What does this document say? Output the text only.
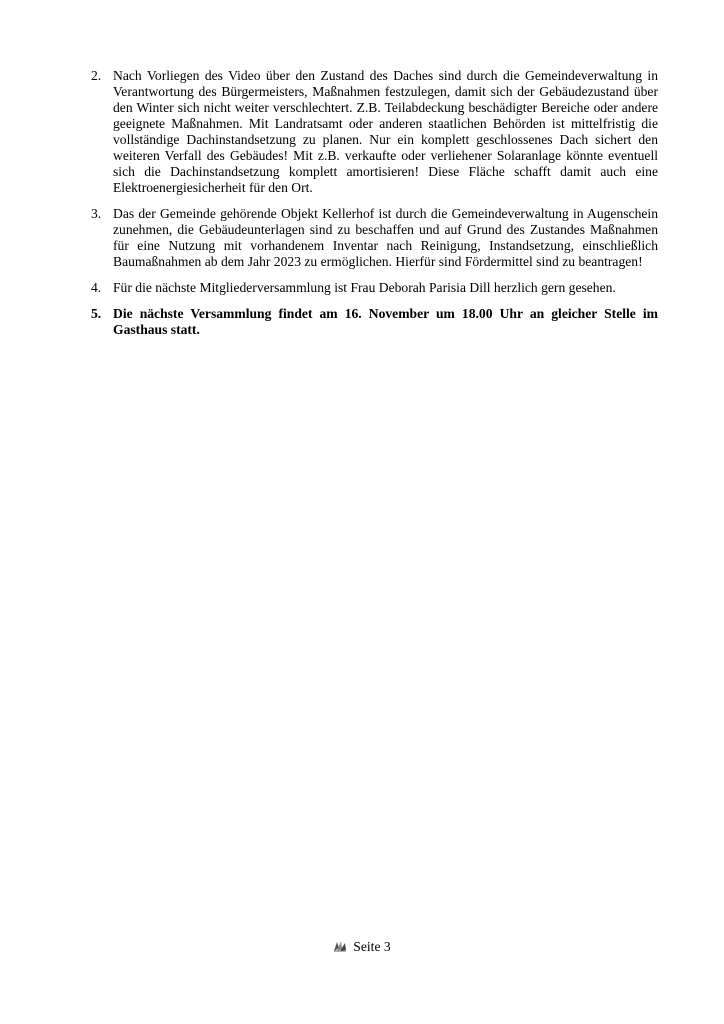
2. Nach Vorliegen des Video über den Zustand des Daches sind durch die Gemeindeverwaltung in Verantwortung des Bürgermeisters, Maßnahmen festzulegen, damit sich der Gebäudezustand über den Winter sich nicht weiter verschlechtert. Z.B. Teilabdeckung beschädigter Bereiche oder andere geeignete Maßnahmen. Mit Landratsamt oder anderen staatlichen Behörden ist mittelfristig die vollständige Dachinstandsetzung zu planen. Nur ein komplett geschlossenes Dach sichert den weiteren Verfall des Gebäudes! Mit z.B. verkaufte oder verliehener Solaranlage könnte eventuell sich die Dachinstandsetzung komplett amortisieren! Diese Fläche schafft damit auch eine Elektroenergiesicherheit für den Ort.
3. Das der Gemeinde gehörende Objekt Kellerhof ist durch die Gemeindeverwaltung in Augenschein zunehmen, die Gebäudeunterlagen sind zu beschaffen und auf Grund des Zustandes Maßnahmen für eine Nutzung mit vorhandenem Inventar nach Reinigung, Instandsetzung, einschließlich Baumaßnahmen ab dem Jahr 2023 zu ermöglichen. Hierfür sind Fördermittel sind zu beantragen!
4. Für die nächste Mitgliederversammlung ist Frau Deborah Parisia Dill herzlich gern gesehen.
5. Die nächste Versammlung findet am 16. November um 18.00 Uhr an gleicher Stelle im Gasthaus statt.
Seite 3
